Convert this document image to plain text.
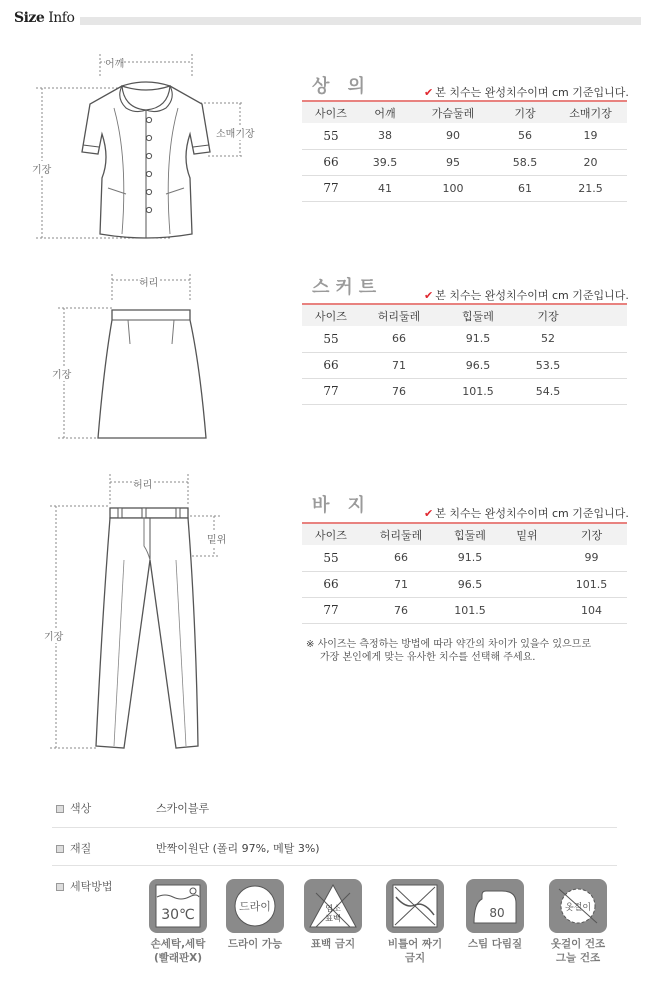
Size Info
어깨
소매기장
기장
상 의	✔ 본 치수는 완성치수이며 cm 기준입니다.
사이즈	어깨	가슴둘레	기장	소매기장
55	38	90	56	19
66	39.5	95	58.5	20
77	41	100	61	21.5
허리
기장
스커트	✔ 본 치수는 완성치수이며 cm 기준입니다.
사이즈	허리둘레	힙둘레	기장	
55	66	91.5	52	
66	71	96.5	53.5	
77	76	101.5	54.5	
허리
밑위
기장
바 지	✔ 본 치수는 완성치수이며 cm 기준입니다.
사이즈	허리둘레	힙둘레	밑위	기장
55	66	91.5		99
66	71	96.5		101.5
77	76	101.5		104
※ 사이즈는 측정하는 방법에 따라 약간의 차이가 있을수 있으므로
가장 본인에게 맞는 유사한 치수를 선택해 주세요.
색상	스카이블루
재질	반짝이원단 (폴리 97%, 메탈 3%)
세탁방법
30℃
손세탁,세탁
(빨래판X)
드라이
드라이 가능
염소
표백
표백 금지	비틀어 짜기
금지
80
스팀 다림질
옷걸이
옷걸이 건조
그늘 건조
